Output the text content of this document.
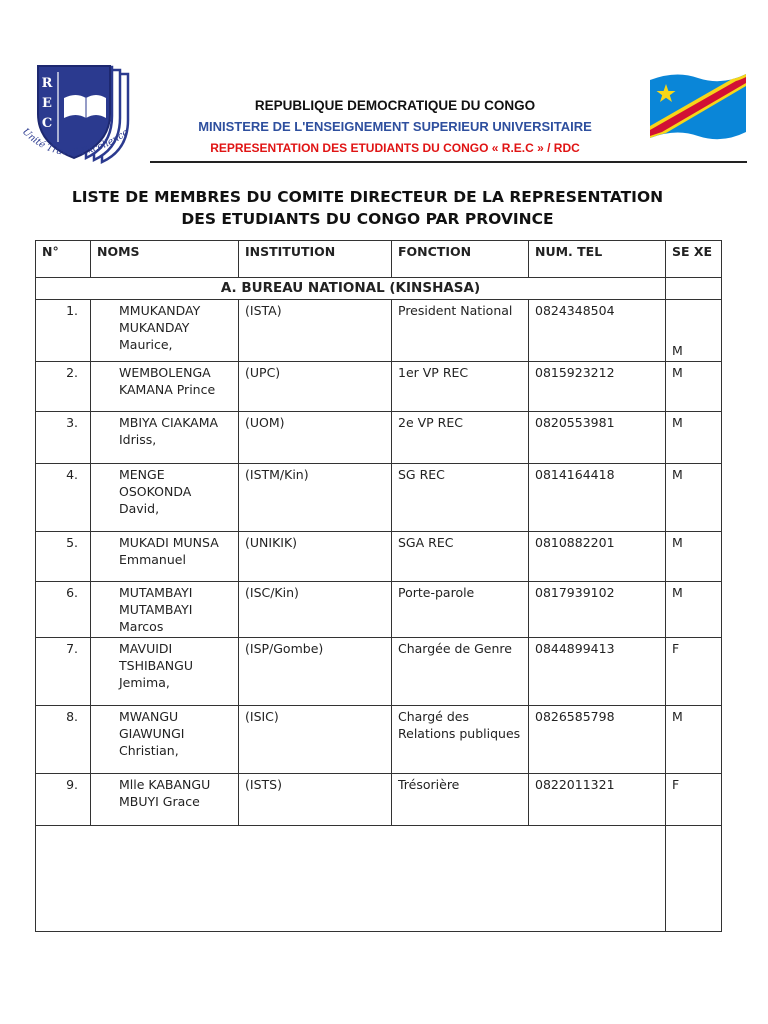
R
E
C
Unité Travail Excellence
REPUBLIQUE DEMOCRATIQUE DU CONGO
MINISTERE DE L'ENSEIGNEMENT SUPERIEUR UNIVERSITAIRE
REPRESENTATION DES ETUDIANTS DU CONGO « R.E.C » / RDC
LISTE DE MEMBRES DU COMITE DIRECTEUR DE LA REPRESENTATION
DES ETUDIANTS DU CONGO PAR PROVINCE
N°	NOMS	INSTITUTION	FONCTION	NUM. TEL	SE XE
A. BUREAU NATIONAL (KINSHASA)					
1.	MMUKANDAY MUKANDAY Maurice,	(ISTA)	President National	0824348504	M
2.	WEMBOLENGA KAMANA Prince	(UPC)	1er VP REC	0815923212	M
3.	MBIYA CIAKAMA Idriss,	(UOM)	2e VP REC	0820553981	M
4.	MENGE OSOKONDA David,	(ISTM/Kin)	SG REC	0814164418	M
5.	MUKADI MUNSA Emmanuel	(UNIKIK)	SGA REC	0810882201	M
6.	MUTAMBAYI MUTAMBAYI Marcos	(ISC/Kin)	Porte-parole	0817939102	M
7.	MAVUIDI TSHIBANGU Jemima,	(ISP/Gombe)	Chargée de Genre	0844899413	F
8.	MWANGU GIAWUNGI Christian,	(ISIC)	Chargé des Relations publiques	0826585798	M
9.	Mlle KABANGU MBUYI Grace	(ISTS)	Trésorière	0822011321	F
